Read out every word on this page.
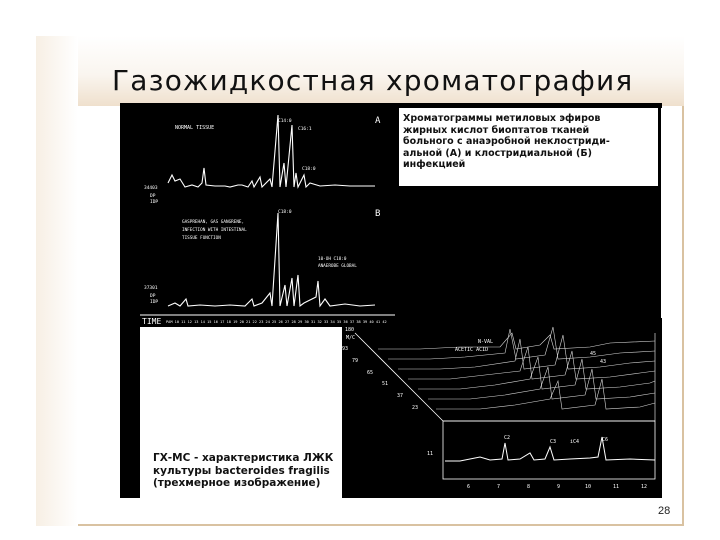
Газожидкостная хроматография
A
NORMAL TISSUE
C14:0
C16:1
C18:0
34403
DP
IDP
B
GASPREHAN, GAS GANGRENE,
INFECTION WITH INTESTINAL
TISSUE FUNCTION
C18:0
10-OH C18:0
ANAEROBE GLOBAL
37301
DP
IDP
TIME PAM 10 11 12 13 14 15 16 17 18 19 20 21 22 23 24 25 26 27 28 29 30 31 32 33 34 35 36 37 38 39 40 41 42
180
M/C
93
79
65
51
37
23
11
ACETIC ACID
N-VAL
45
43
C2
C3	iC4	C6
6	7	8	9	10	11	12

Хроматограммы метиловых эфиров
жирных кислот биоптатов тканей
больного с анаэробной неклостриди-
альной (А) и клостридиальной (Б)
инфекцией

ГХ-МС - характеристика ЛЖК
культуры bacteroides fragilis
(трехмерное изображение)

28
